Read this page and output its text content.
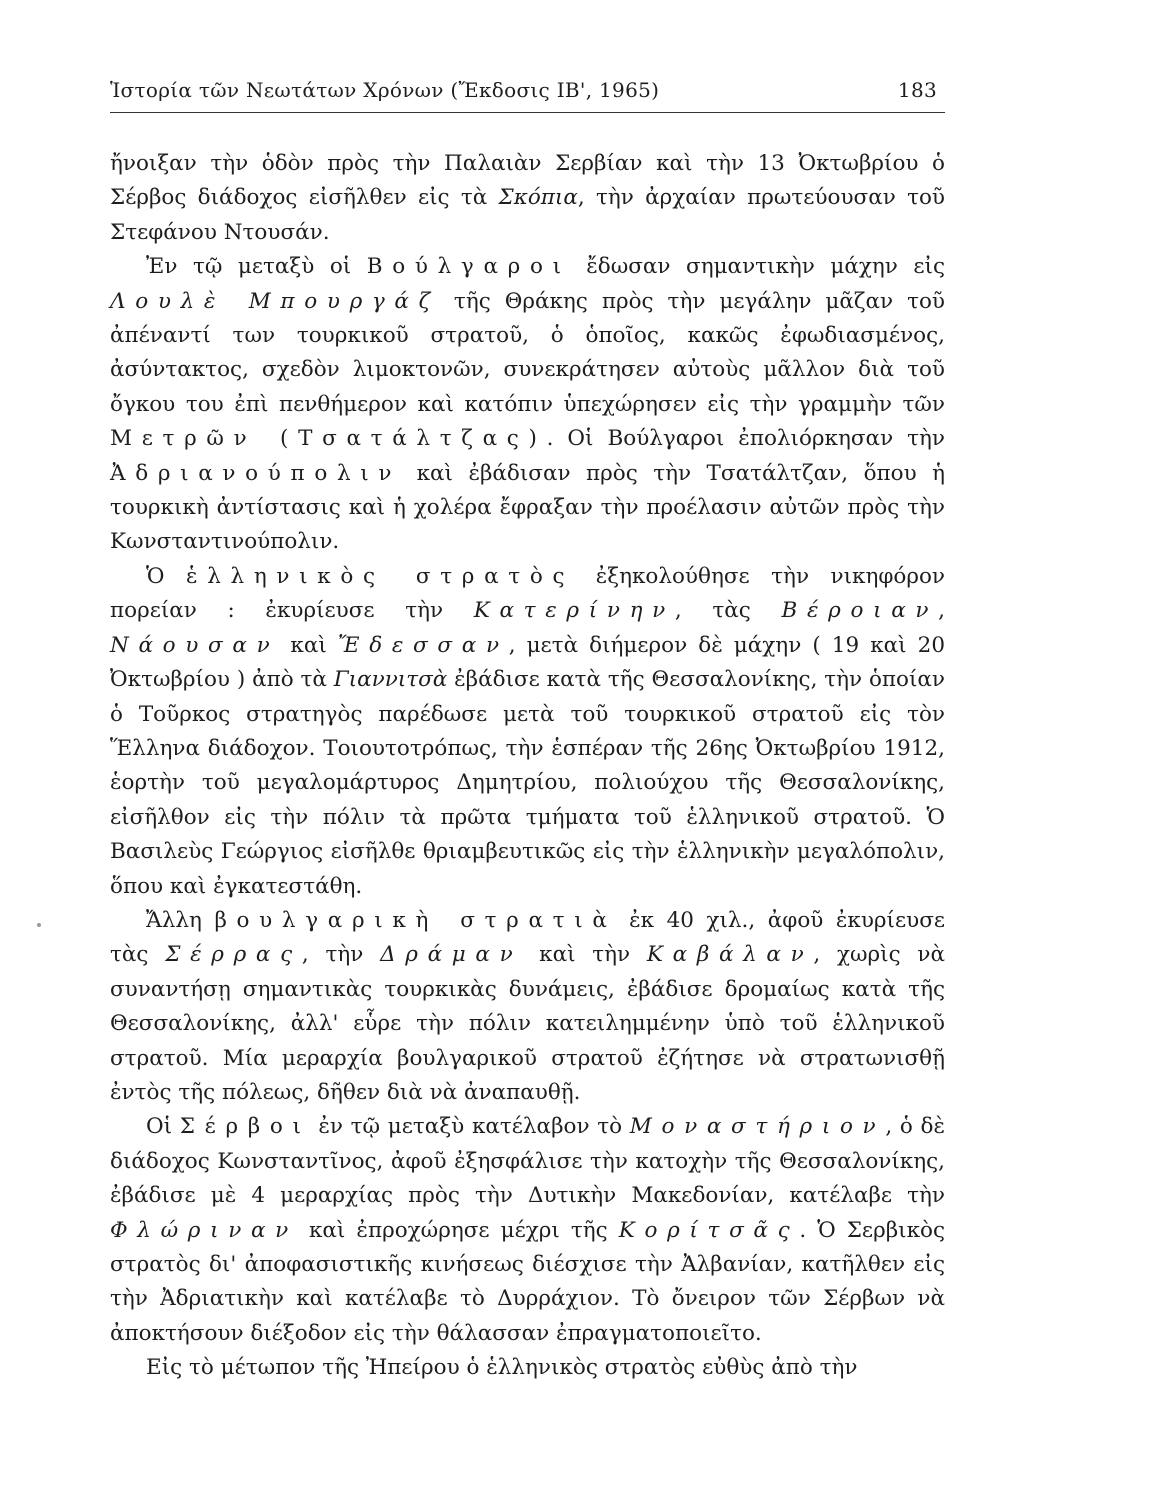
Ἱστορία τῶν Νεωτάτων Χρόνων (Ἔκδοσις ΙΒ', 1965)	183

ἤνοιξαν τὴν ὁδὸν πρὸς τὴν Παλαιὰν Σερβίαν καὶ τὴν 13 Ὀκτωβρίου ὁ Σέρβος διάδοχος εἰσῆλθεν εἰς τὰ Σκόπια, τὴν ἀρχαίαν πρωτεύουσαν τοῦ Στεφάνου Ντουσάν.

Ἐν τῷ μεταξὺ οἱ Βούλγαροι ἔδωσαν σημαντικὴν μάχην εἰς Λουλὲ Μπουργάζ τῆς Θράκης πρὸς τὴν μεγάλην μᾶζαν τοῦ ἀπέναντί των τουρκικοῦ στρατοῦ, ὁ ὁποῖος, κακῶς ἐφωδιασμένος, ἀσύντακτος, σχεδὸν λιμοκτονῶν, συνεκράτησεν αὐτοὺς μᾶλλον διὰ τοῦ ὄγκου του ἐπὶ πενθήμερον καὶ κατόπιν ὑπεχώρησεν εἰς τὴν γραμμὴν τῶν Μετρῶν (Τσατάλτζας). Οἱ Βούλγαροι ἐπολιόρκησαν τὴν Ἀδριανούπολιν καὶ ἐβάδισαν πρὸς τὴν Τσατάλτζαν, ὅπου ἡ τουρκικὴ ἀντίστασις καὶ ἡ χολέρα ἔφραξαν τὴν προέλασιν αὐτῶν πρὸς τὴν Κωνσταντινούπολιν.

Ὁ ἑλληνικὸς στρατὸς ἐξηκολούθησε τὴν νικηφόρον πορείαν : ἐκυρίευσε τὴν Κατερίνην, τὰς Βέροιαν, Νάουσαν καὶ Ἔδεσσαν, μετὰ διήμερον δὲ μάχην ( 19 καὶ 20 Ὀκτωβρίου ) ἀπὸ τὰ Γιαννιτσὰ ἐβάδισε κατὰ τῆς Θεσσαλονίκης, τὴν ὁποίαν ὁ Τοῦρκος στρατηγὸς παρέδωσε μετὰ τοῦ τουρκικοῦ στρατοῦ εἰς τὸν Ἕλληνα διάδοχον. Τοιουτοτρόπως, τὴν ἑσπέραν τῆς 26ης Ὀκτωβρίου 1912, ἑορτὴν τοῦ μεγαλομάρτυρος Δημητρίου, πολιούχου τῆς Θεσσαλονίκης, εἰσῆλθον εἰς τὴν πόλιν τὰ πρῶτα τμήματα τοῦ ἑλληνικοῦ στρατοῦ. Ὁ Βασιλεὺς Γεώργιος εἰσῆλθε θριαμβευτικῶς εἰς τὴν ἑλληνικὴν μεγαλόπολιν, ὅπου καὶ ἐγκατεστάθη.

Ἄλλη βουλγαρικὴ στρατιὰ ἐκ 40 χιλ., ἀφοῦ ἐκυρίευσε τὰς Σέρρας, τὴν Δράμαν καὶ τὴν Καβάλαν, χωρὶς νὰ συναντήσῃ σημαντικὰς τουρκικὰς δυνάμεις, ἐβάδισε δρομαίως κατὰ τῆς Θεσσαλονίκης, ἀλλ' εὗρε τὴν πόλιν κατειλημμένην ὑπὸ τοῦ ἑλληνικοῦ στρατοῦ. Μία μεραρχία βουλγαρικοῦ στρατοῦ ἐζήτησε νὰ στρατωνισθῇ ἐντὸς τῆς πόλεως, δῆθεν διὰ νὰ ἀναπαυθῇ.

Οἱ Σέρβοι ἐν τῷ μεταξὺ κατέλαβον τὸ Μοναστήριον, ὁ δὲ διάδοχος Κωνσταντῖνος, ἀφοῦ ἐξησφάλισε τὴν κατοχὴν τῆς Θεσσαλονίκης, ἐβάδισε μὲ 4 μεραρχίας πρὸς τὴν Δυτικὴν Μακεδονίαν, κατέλαβε τὴν Φλώριναν καὶ ἐπροχώρησε μέχρι τῆς Κορίτσᾶς. Ὁ Σερβικὸς στρατὸς δι' ἀποφασιστικῆς κινήσεως διέσχισε τὴν Ἀλβανίαν, κατῆλθεν εἰς τὴν Ἀδριατικὴν καὶ κατέλαβε τὸ Δυρράχιον. Τὸ ὄνειρον τῶν Σέρβων νὰ ἀποκτήσουν διέξοδον εἰς τὴν θάλασσαν ἐπραγματοποιεῖτο.

Εἰς τὸ μέτωπον τῆς Ἠπείρου ὁ ἑλληνικὸς στρατὸς εὐθὺς ἀπὸ τὴν
